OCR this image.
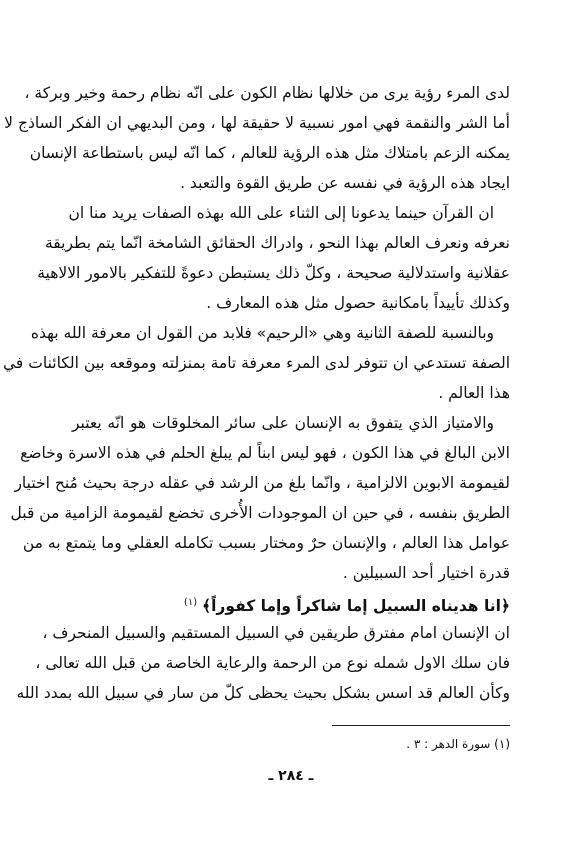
لدى المرء رؤية يرى من خلالها نظام الكون على انّه نظام رحمة وخير وبركة ،
أما الشر والنقمة فهي امور نسبية لا حقيقة لها ، ومن البديهي ان الفكر الساذج لا
يمكنه الزعم بامتلاك مثل هذه الرؤية للعالم ، كما انّه ليس باستطاعة الإنسان
ايجاد هذه الرؤية في نفسه عن طريق القوة والتعبد .
ان القرآن حينما يدعونا إلى الثناء على الله بهذه الصفات يريد منا ان
نعرفه ونعرف العالم بهذا النحو ، وادراك الحقائق الشامخة انّما يتم بطريقة
عقلانية واستدلالية صحيحة ، وكلّ ذلك يستبطن دعوةً للتفكير بالامور الالاهية
وكذلك تأييداً بامكانية حصول مثل هذه المعارف .
وبالنسبة للصفة الثانية وهي «الرحيم» فلابد من القول ان معرفة الله بهذه
الصفة تستدعي ان تتوفر لدى المرء معرفة تامة بمنزلته وموقعه بين الكائنات في
هذا العالم .
والامتياز الذي يتفوق به الإنسان على سائر المخلوقات هو انّه يعتبر
الابن البالغ في هذا الكون ، فهو ليس ابناً لم يبلغ الحلم في هذه الاسرة وخاضع
لقيمومة الابوين الالزامية ، وانّما بلغ من الرشد في عقله درجة بحيث مُنح اختيار
الطريق بنفسه ، في حين ان الموجودات الأُخرى تخضع لقيمومة الزامية من قبل
عوامل هذا العالم ، والإنسان حرٌ ومختار بسبب تكامله العقلي وما يتمتع به من
قدرة اختيار أحد السبيلين .
﴿انا هديناه السبيل إما شاكراً وإما كفوراً﴾ $^{(١)}$
ان الإنسان امام مفترق طريقين في السبيل المستقيم والسبيل المنحرف ،
فان سلك الاول شمله نوع من الرحمة والرعاية الخاصة من قبل الله تعالى ،
وكأن العالم قد اسس بشكل بحيث يحظى كلّ من سار في سبيل الله بمدد الله
(١) سورة الدهر : ٣ .
ـ ٢٨٤ ـ
